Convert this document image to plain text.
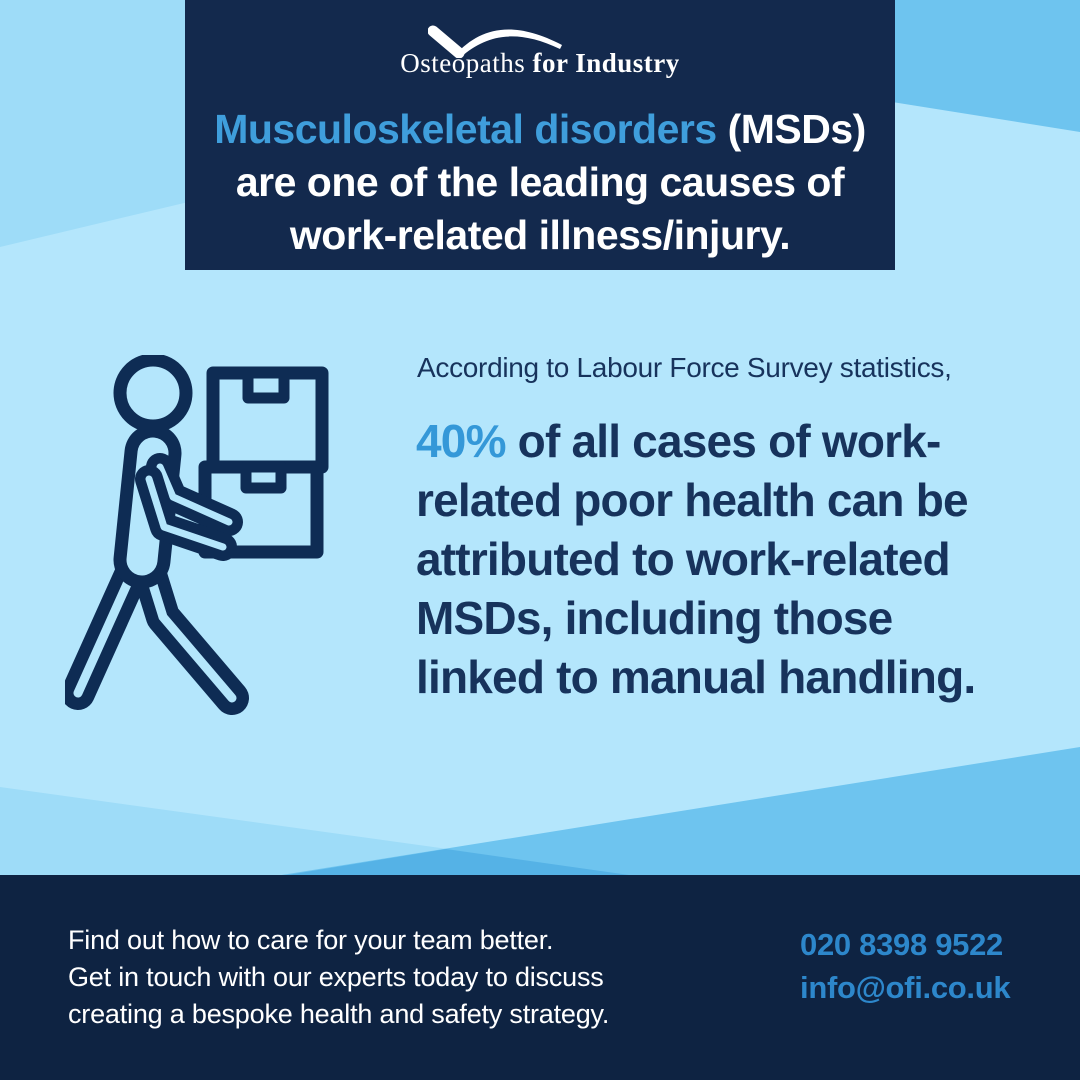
Osteopaths for Industry
Musculoskeletal disorders (MSDs)
are one of the leading causes of
work-related illness/injury.
According to Labour Force Survey statistics,
40% of all cases of work-
related poor health can be
attributed to work-related
MSDs, including those
linked to manual handling.
Find out how to care for your team better.
Get in touch with our experts today to discuss
creating a bespoke health and safety strategy.
020 8398 9522
info@ofi.co.uk
